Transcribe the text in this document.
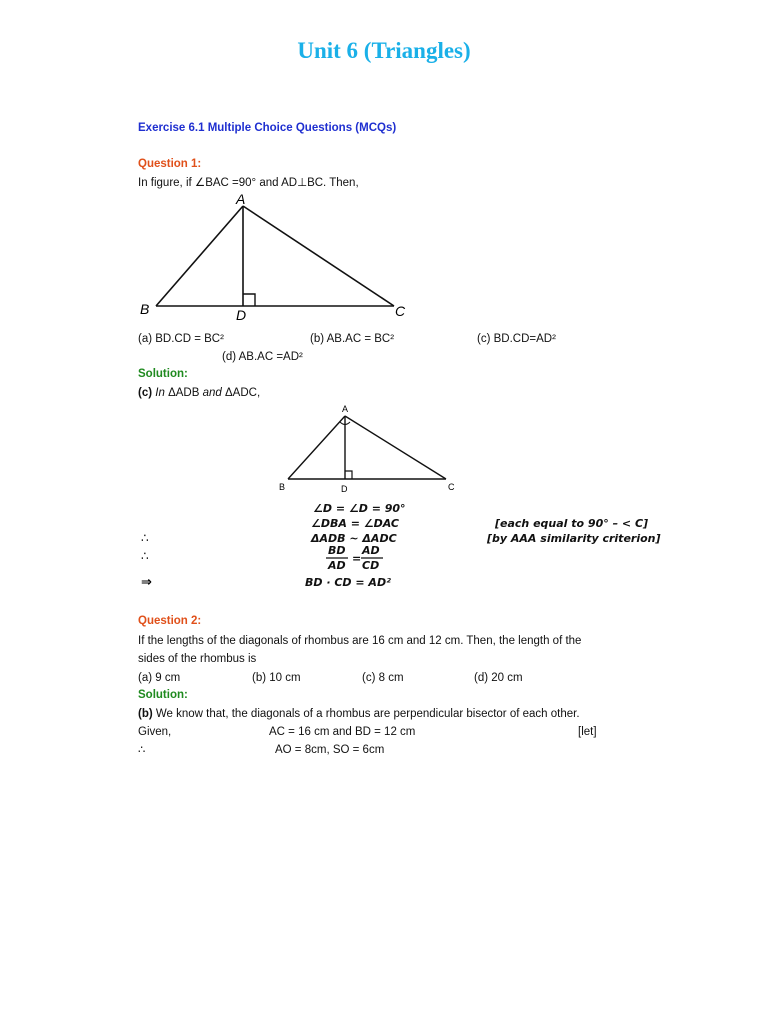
Unit 6 (Triangles)
Exercise 6.1 Multiple Choice Questions (MCQs)
Question 1:
In figure, if ∠BAC =90° and AD⊥BC. Then,
A
B	C
D
(a) BD.CD = BC²	(b) AB.AC = BC²	(c) BD.CD=AD²
(d) AB.AC =AD²
Solution:
(c) In ΔADB and ΔADC,
A
B	C
D
∠D = ∠D = 90°
∠DBA = ∠DAC	[each equal to 90° – < C]
∴	ΔADB ~ ΔADC	[by AAA similarity criterion]
∴	BD
AD
=
AD
CD
⇒	BD · CD = AD²
Question 2:
If the lengths of the diagonals of rhombus are 16 cm and 12 cm. Then, the length of the
sides of the rhombus is
(a) 9 cm	(b) 10 cm	(c) 8 cm	(d) 20 cm
Solution:
(b) We know that, the diagonals of a rhombus are perpendicular bisector of each other.
Given,	AC = 16 cm and BD = 12 cm	[let]
∴	AO = 8cm, SO = 6cm
